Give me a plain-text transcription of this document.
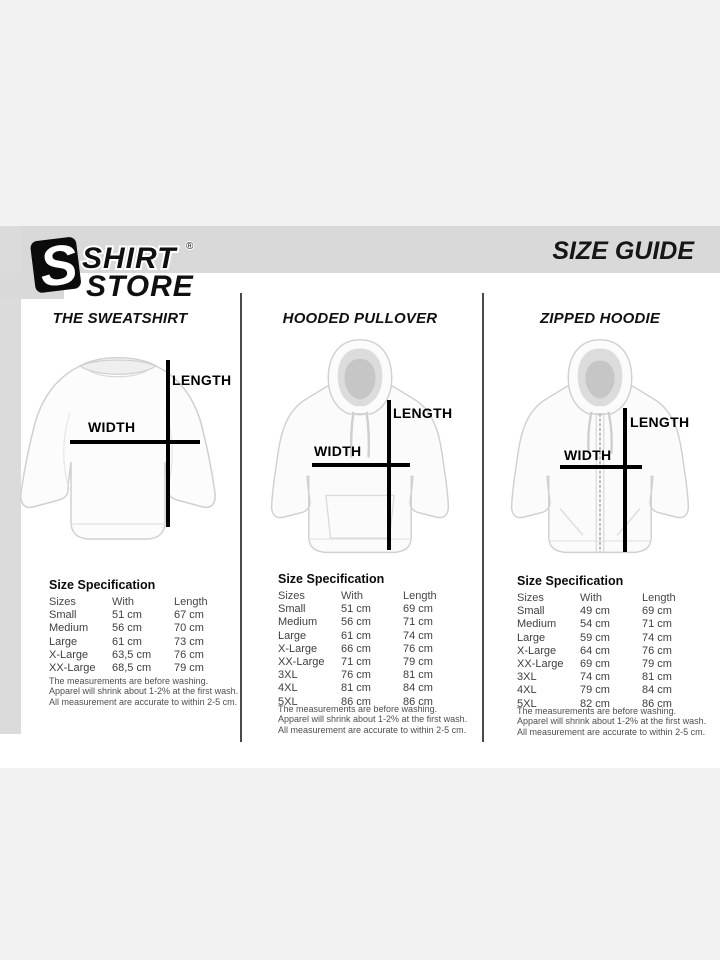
S SHIRT ®
STORE
SIZE GUIDE
THE SWEATSHIRT
LENGTH
WIDTH
Size Specification
Sizes	With	Length
Small	51 cm	67 cm
Medium	56 cm	70 cm
Large	61 cm	73 cm
X-Large	63,5 cm	76 cm
XX-Large	68,5 cm	79 cm
The measurements are before washing.
Apparel will shrink about 1-2% at the first wash.
All measurement are accurate to within 2-5 cm.
HOODED PULLOVER
LENGTH
WIDTH
Size Specification
Sizes	With	Length
Small	51 cm	69 cm
Medium	56 cm	71 cm
Large	61 cm	74 cm
X-Large	66 cm	76 cm
XX-Large	71 cm	79 cm
3XL	76 cm	81 cm
4XL	81 cm	84 cm
5XL	86 cm	86 cm
The measurements are before washing.
Apparel will shrink about 1-2% at the first wash.
All measurement are accurate to within 2-5 cm.
ZIPPED HOODIE
LENGTH
WIDTH
Size Specification
Sizes	With	Length
Small	49 cm	69 cm
Medium	54 cm	71 cm
Large	59 cm	74 cm
X-Large	64 cm	76 cm
XX-Large	69 cm	79 cm
3XL	74 cm	81 cm
4XL	79 cm	84 cm
5XL	82 cm	86 cm
The measurements are before washing.
Apparel will shrink about 1-2% at the first wash.
All measurement are accurate to within 2-5 cm.
